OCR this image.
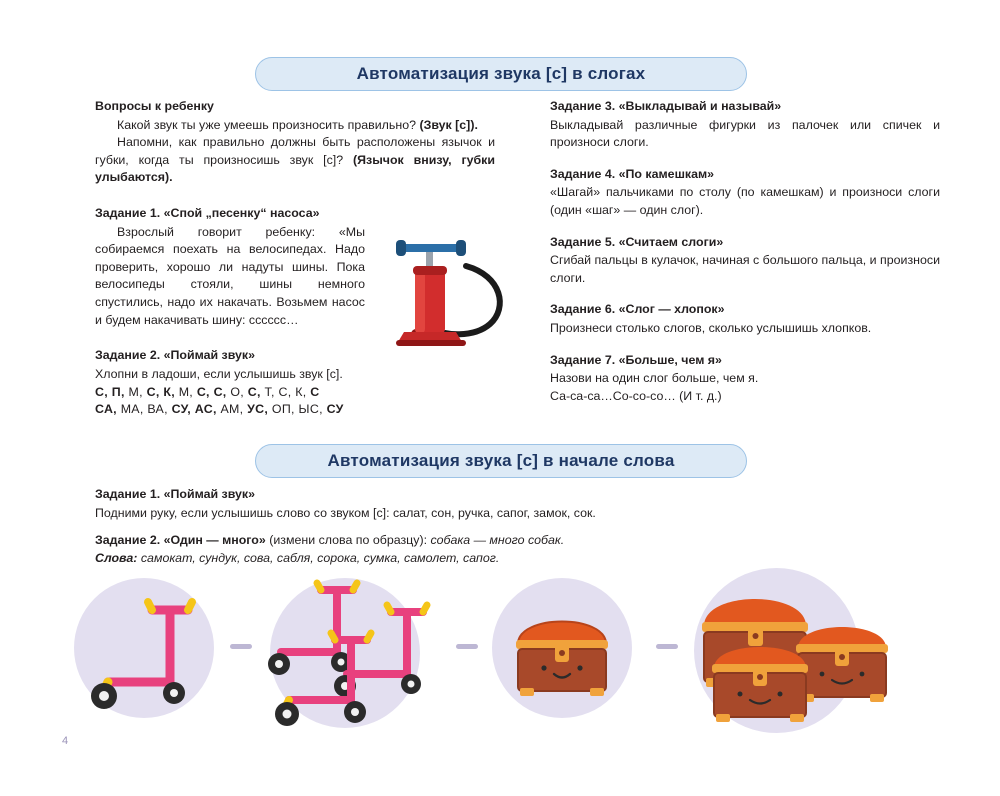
Автоматизация звука [с] в слогах

Вопросы к ребенку

Какой звук ты уже умеешь произносить правильно? (Звук [с]).

Напомни, как правильно должны быть расположены язычок и губки, когда ты произносишь звук [с]? (Язычок внизу, губки улыбаются).

Задание 1. «Спой „песенку“ насоса»

Взрослый говорит ребенку: «Мы собираемся поехать на велосипедах. Надо проверить, хорошо ли надуты шины. Пока велосипеды стояли, шины немного спустились, надо их накачать. Возьмем насос и будем накачивать шину: сссссс…

Задание 2. «Поймай звук»

Хлопни в ладоши, если услышишь звук [с].

С, П, М, С, К, М, С, С, О, С, Т, С, К, С

СА, МА, ВА, СУ, АС, АМ, УС, ОП, ЫС, СУ

Задание 3. «Выкладывай и называй»

Выкладывай различные фигурки из палочек или спичек и произноси слоги.

Задание 4. «По камешкам»

«Шагай» пальчиками по столу (по камешкам) и произноси слоги (один «шаг» — один слог).

Задание 5. «Считаем слоги»

Сгибай пальцы в кулачок, начиная с большого пальца, и произноси слоги.

Задание 6. «Слог — хлопок»

Произнеси столько слогов, сколько услышишь хлопков.

Задание 7. «Больше, чем я»

Назови на один слог больше, чем я.

Са-са-са…Со-со-со… (И т. д.)

Автоматизация звука [с] в начале слова

Задание 1. «Поймай звук»

Подними руку, если услышишь слово со звуком [с]: салат, сон, ручка, сапог, замок, сок.

Задание 2. «Один — много» (измени слова по образцу): собака — много собак.

Слова: самокат, сундук, сова, сабля, сорока, сумка, самолет, сапог.

4
